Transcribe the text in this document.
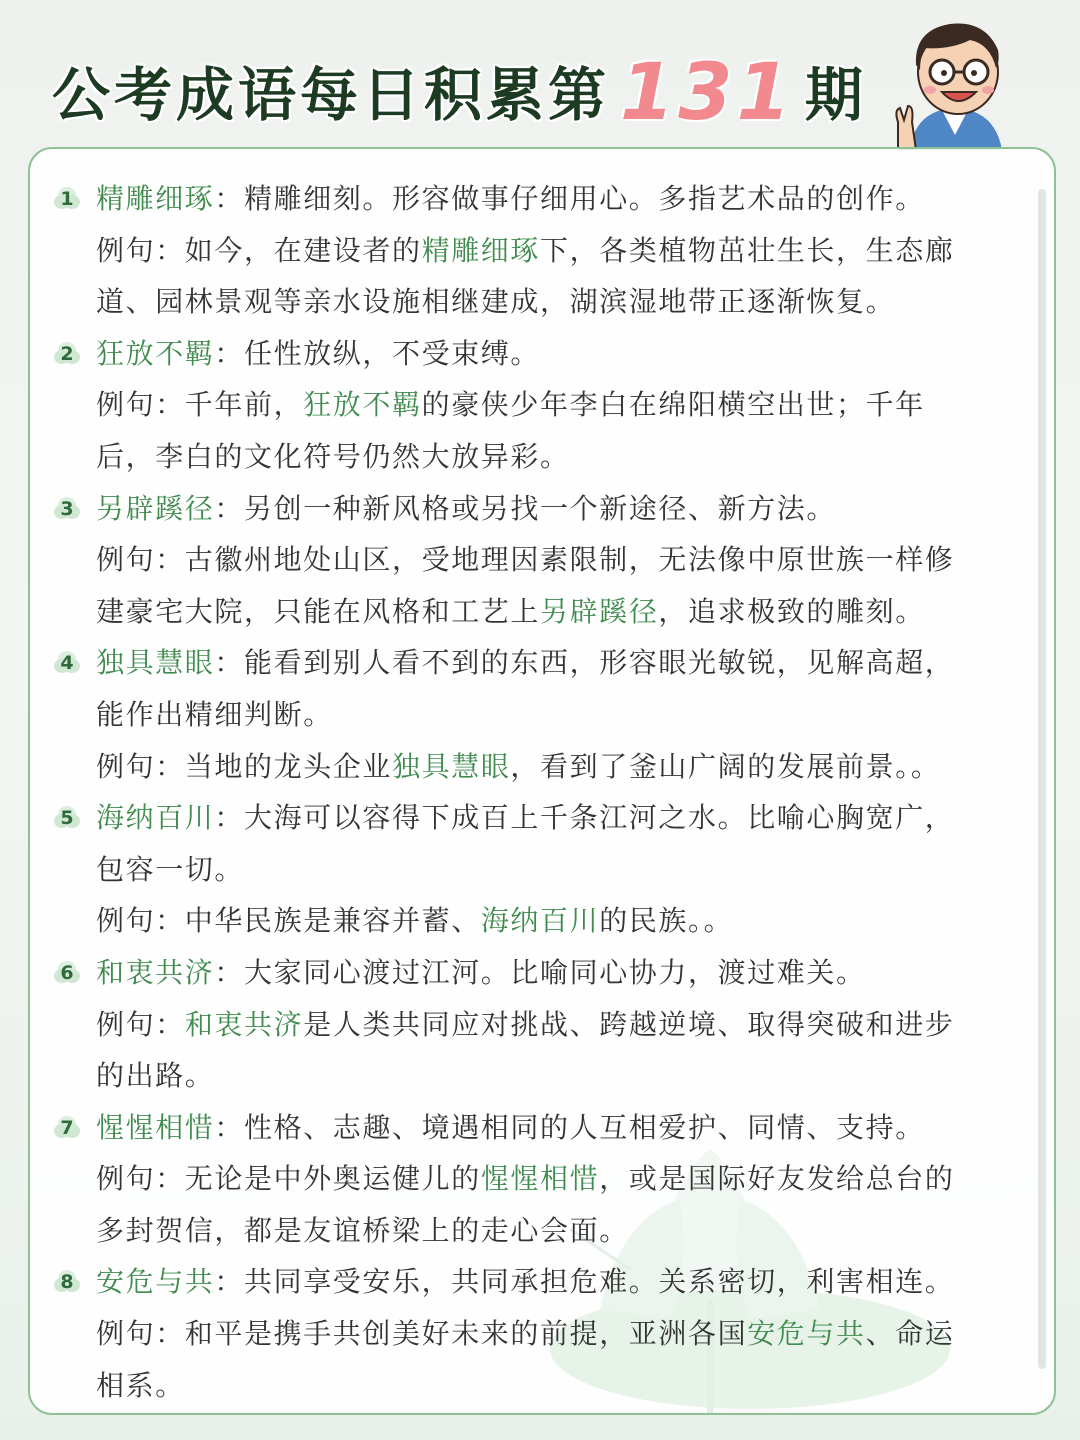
公考成语每日积累第 131 期
1 精雕细琢：精雕细刻。形容做事仔细用心。多指艺术品的创作。
例句：如今，在建设者的精雕细琢下，各类植物茁壮生长，生态廊
道、园林景观等亲水设施相继建成，湖滨湿地带正逐渐恢复。
2 狂放不羁：任性放纵，不受束缚。
例句：千年前，狂放不羁的豪侠少年李白在绵阳横空出世；千年
后，李白的文化符号仍然大放异彩。
3 另辟蹊径：另创一种新风格或另找一个新途径、新方法。
例句：古徽州地处山区，受地理因素限制，无法像中原世族一样修
建豪宅大院，只能在风格和工艺上另辟蹊径，追求极致的雕刻。
4 独具慧眼：能看到别人看不到的东西，形容眼光敏锐，见解高超，
能作出精细判断。
例句：当地的龙头企业独具慧眼，看到了釜山广阔的发展前景。。
5 海纳百川：大海可以容得下成百上千条江河之水。比喻心胸宽广，
包容一切。
例句：中华民族是兼容并蓄、海纳百川的民族。。
6 和衷共济：大家同心渡过江河。比喻同心协力，渡过难关。
例句：和衷共济是人类共同应对挑战、跨越逆境、取得突破和进步
的出路。
7 惺惺相惜：性格、志趣、境遇相同的人互相爱护、同情、支持。
例句：无论是中外奥运健儿的惺惺相惜，或是国际好友发给总台的
多封贺信，都是友谊桥梁上的走心会面。
8 安危与共：共同享受安乐，共同承担危难。关系密切，利害相连。
例句：和平是携手共创美好未来的前提，亚洲各国安危与共、命运
相系。
